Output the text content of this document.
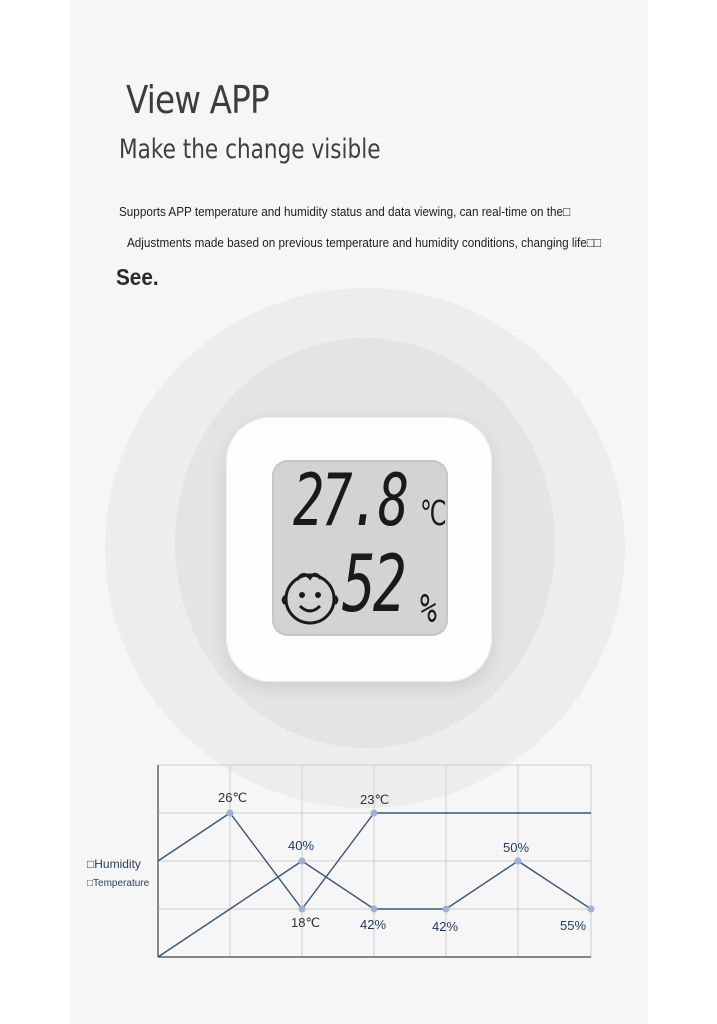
View APP
Make the change visible
Supports APP temperature and humidity status and data viewing, can real-time on the□
Adjustments made based on previous temperature and humidity conditions, changing life□□
See.
27.8 ℃
52 %
40%
42%	42%
50%
55%
26℃
18℃
23℃
□Humidity
□Temperature
